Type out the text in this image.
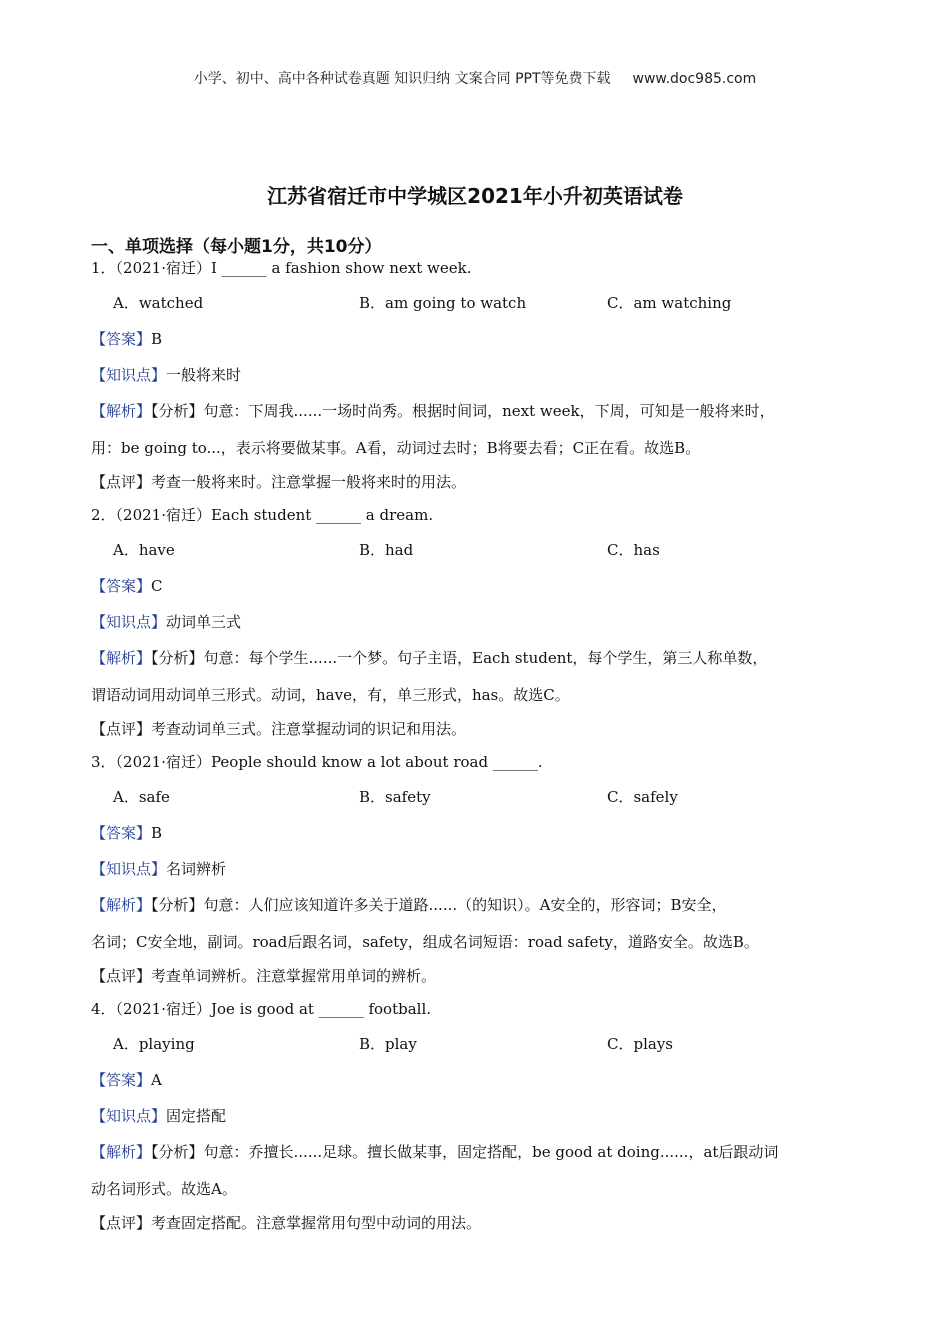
小学、初中、高中各种试卷真题 知识归纳 文案合同 PPT等免费下载 www.doc985.com
江苏省宿迁市中学城区2021年小升初英语试卷
一、单项选择（每小题1分，共10分）
1．（2021·宿迁）I ______ a fashion show next week.
A．watched	B．am going to watch	C．am watching
【答案】B
【知识点】一般将来时
【解析】【分析】句意：下周我......一场时尚秀。根据时间词，next week，下周，可知是一般将来时，
用：be going to...，表示将要做某事。A看，动词过去时；B将要去看；C正在看。故选B。
【点评】考查一般将来时。注意掌握一般将来时的用法。
2．（2021·宿迁）Each student ______ a dream.
A．have	B．had	C．has
【答案】C
【知识点】动词单三式
【解析】【分析】句意：每个学生......一个梦。句子主语，Each student，每个学生，第三人称单数，
谓语动词用动词单三形式。动词，have，有，单三形式，has。故选C。
【点评】考查动词单三式。注意掌握动词的识记和用法。
3．（2021·宿迁）People should know a lot about road ______.
A．safe	B．safety	C．safely
【答案】B
【知识点】名词辨析
【解析】【分析】句意：人们应该知道许多关于道路......（的知识）。A安全的，形容词；B安全，
名词；C安全地，副词。road后跟名词，safety，组成名词短语：road safety，道路安全。故选B。
【点评】考查单词辨析。注意掌握常用单词的辨析。
4．（2021·宿迁）Joe is good at ______ football.
A．playing	B．play	C．plays
【答案】A
【知识点】固定搭配
【解析】【分析】句意：乔擅长......足球。擅长做某事，固定搭配，be good at doing......，at后跟动词
动名词形式。故选A。
【点评】考查固定搭配。注意掌握常用句型中动词的用法。
